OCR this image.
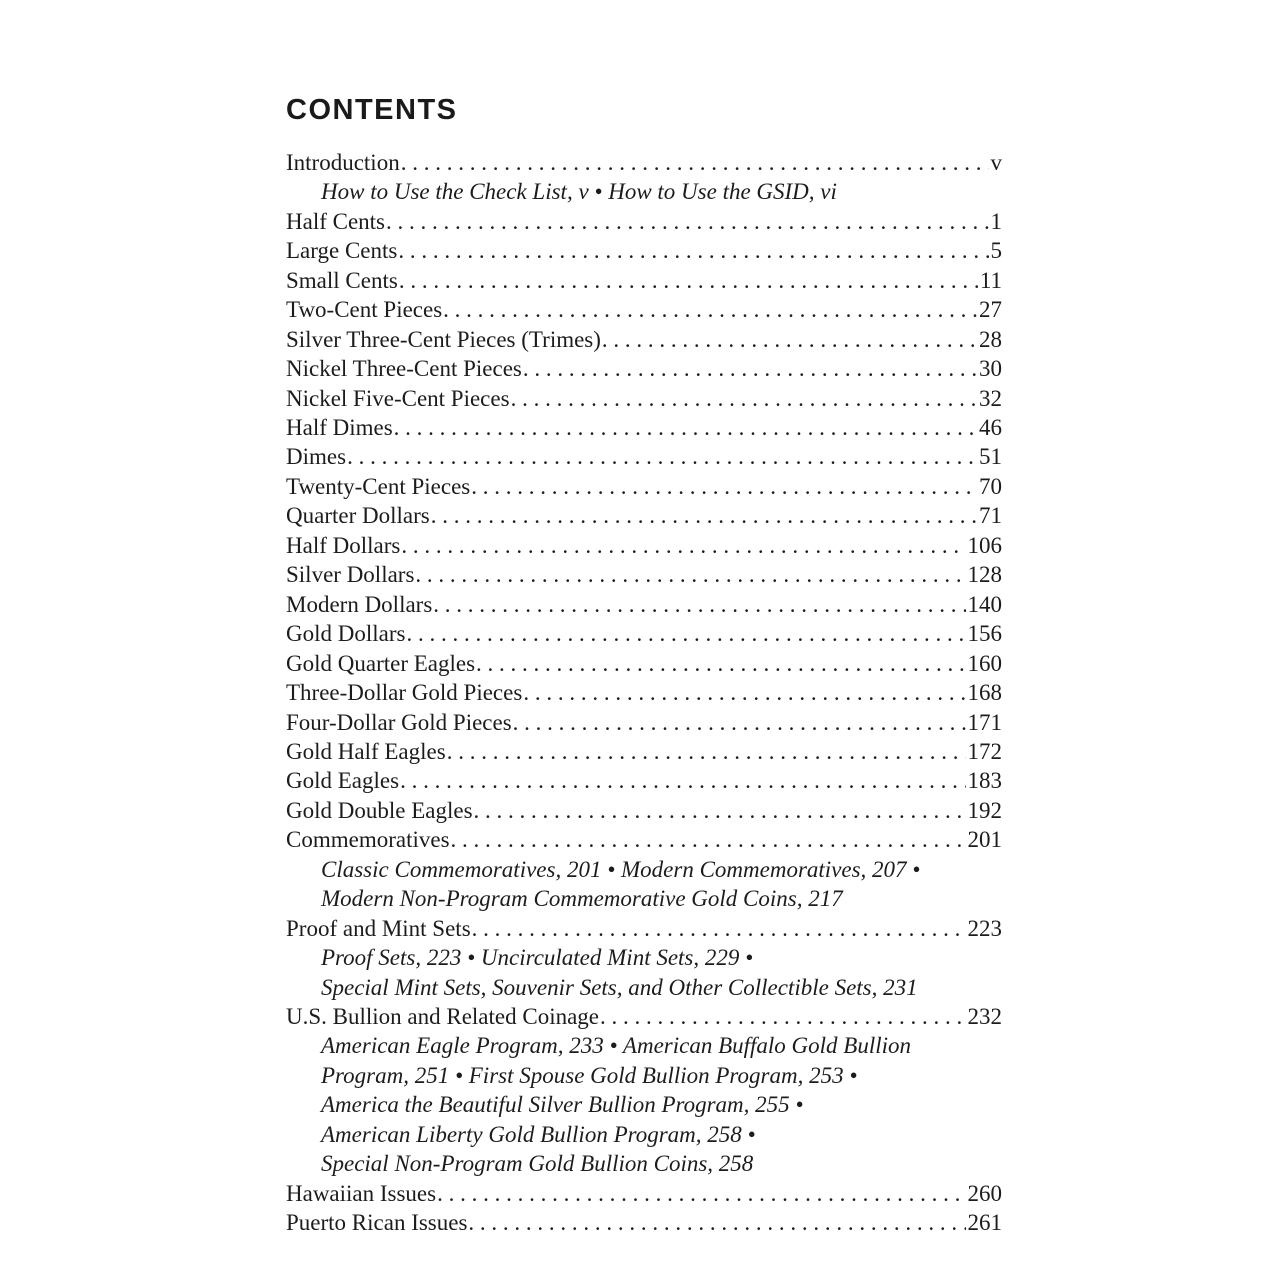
CONTENTS
Introduction . . .	v
How to Use the Check List, v • How to Use the GSID, vi
Half Cents . . .	1
Large Cents . . .	5
Small Cents . . .	11
Two-Cent Pieces . . .	27
Silver Three-Cent Pieces (Trimes) . . .	28
Nickel Three-Cent Pieces . . .	30
Nickel Five-Cent Pieces . . .	32
Half Dimes . . .	46
Dimes . . .	51
Twenty-Cent Pieces . . .	70
Quarter Dollars . . .	71
Half Dollars . . .	106
Silver Dollars . . .	128
Modern Dollars . . .	140
Gold Dollars . . .	156
Gold Quarter Eagles . . .	160
Three-Dollar Gold Pieces . . .	168
Four-Dollar Gold Pieces . . .	171
Gold Half Eagles . . .	172
Gold Eagles . . .	183
Gold Double Eagles . . .	192
Commemoratives . . .	201
Classic Commemoratives, 201 • Modern Commemoratives, 207 •
Modern Non-Program Commemorative Gold Coins, 217
Proof and Mint Sets . . .	223
Proof Sets, 223 • Uncirculated Mint Sets, 229 •
Special Mint Sets, Souvenir Sets, and Other Collectible Sets, 231
U.S. Bullion and Related Coinage . . .	232
American Eagle Program, 233 • American Buffalo Gold Bullion
Program, 251 • First Spouse Gold Bullion Program, 253 •
America the Beautiful Silver Bullion Program, 255 •
American Liberty Gold Bullion Program, 258 •
Special Non-Program Gold Bullion Coins, 258
Hawaiian Issues . . .	260
Puerto Rican Issues . . .	261
